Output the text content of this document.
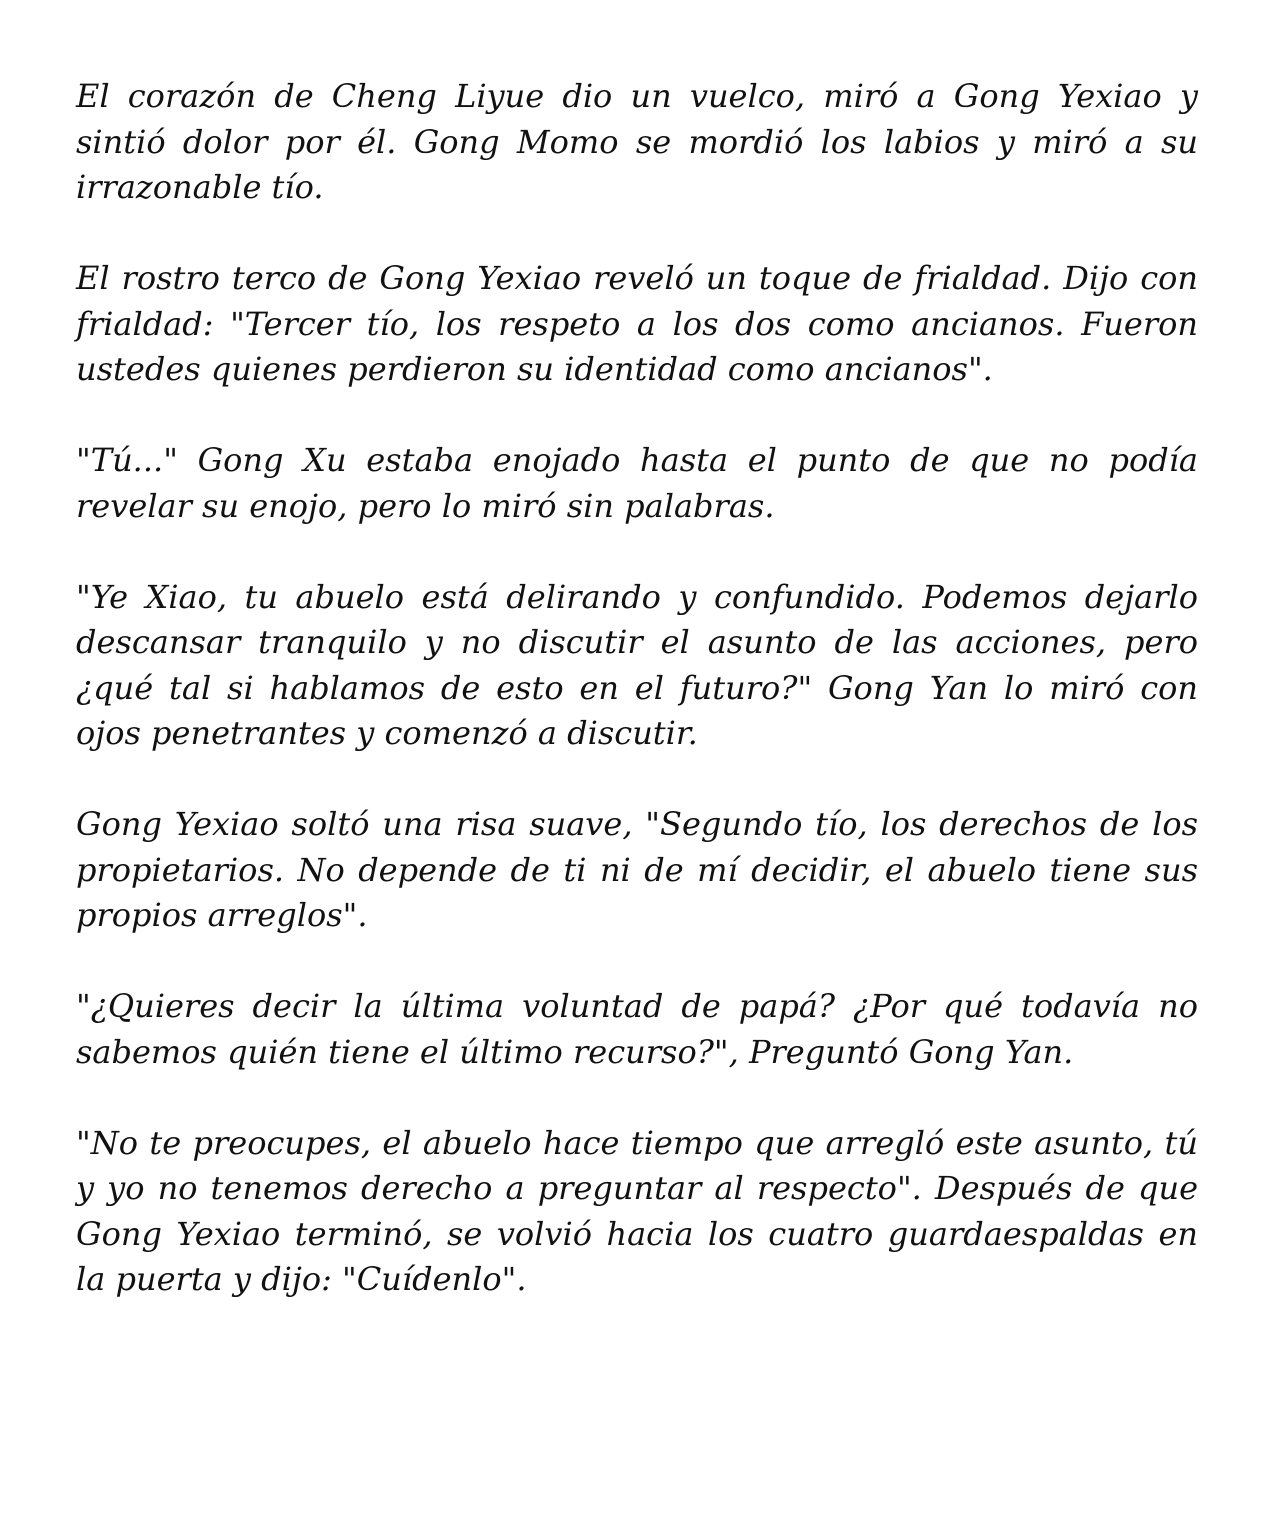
El corazón de Cheng Liyue dio un vuelco, miró a Gong Yexiao y sintió dolor por él. Gong Momo se mordió los labios y miró a su irrazonable tío.

El rostro terco de Gong Yexiao reveló un toque de frialdad. Dijo con frialdad: "Tercer tío, los respeto a los dos como ancianos. Fueron ustedes quienes perdieron su identidad como ancianos".

"Tú..." Gong Xu estaba enojado hasta el punto de que no podía revelar su enojo, pero lo miró sin palabras.

"Ye Xiao, tu abuelo está delirando y confundido. Podemos dejarlo descansar tranquilo y no discutir el asunto de las acciones, pero ¿qué tal si hablamos de esto en el futuro?" Gong Yan lo miró con ojos penetrantes y comenzó a discutir.

Gong Yexiao soltó una risa suave, "Segundo tío, los derechos de los propietarios. No depende de ti ni de mí decidir, el abuelo tiene sus propios arreglos".

"¿Quieres decir la última voluntad de papá? ¿Por qué todavía no sabemos quién tiene el último recurso?", Preguntó Gong Yan.

"No te preocupes, el abuelo hace tiempo que arregló este asunto, tú y yo no tenemos derecho a preguntar al respecto". Después de que Gong Yexiao terminó, se volvió hacia los cuatro guardaespaldas en la puerta y dijo: "Cuídenlo".
